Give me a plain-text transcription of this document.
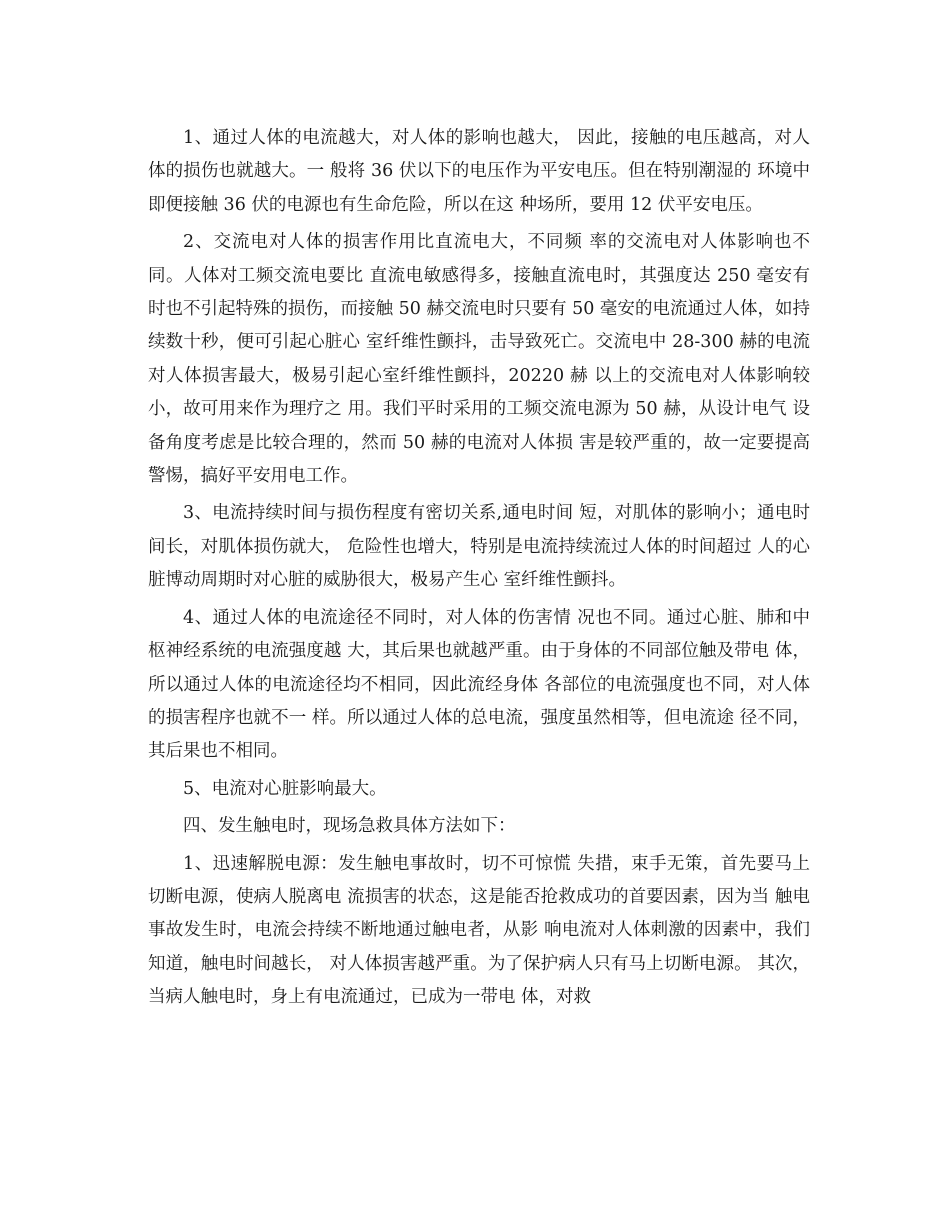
1、通过人体的电流越大，对人体的影响也越大， 因此，接触的电压越高，对人体的损伤也就越大。一 般将 36 伏以下的电压作为平安电压。但在特别潮湿的 环境中即便接触 36 伏的电源也有生命危险，所以在这 种场所，要用 12 伏平安电压。

2、交流电对人体的损害作用比直流电大，不同频 率的交流电对人体影响也不同。人体对工频交流电要比 直流电敏感得多，接触直流电时，其强度达 250 毫安有 时也不引起特殊的损伤，而接触 50 赫交流电时只要有 50 毫安的电流通过人体，如持续数十秒，便可引起心脏心 室纤维性颤抖，击导致死亡。交流电中 28-300 赫的电流 对人体损害最大，极易引起心室纤维性颤抖，20220 赫 以上的交流电对人体影响较小，故可用来作为理疗之 用。我们平时采用的工频交流电源为 50 赫，从设计电气 设备角度考虑是比较合理的，然而 50 赫的电流对人体损 害是较严重的，故一定要提高警惕，搞好平安用电工作。

3、电流持续时间与损伤程度有密切关系,通电时间 短，对肌体的影响小；通电时间长，对肌体损伤就大， 危险性也增大，特别是电流持续流过人体的时间超过 人的心脏博动周期时对心脏的威胁很大，极易产生心 室纤维性颤抖。

4、通过人体的电流途径不同时，对人体的伤害情 况也不同。通过心脏、肺和中枢神经系统的电流强度越 大，其后果也就越严重。由于身体的不同部位触及带电 体，所以通过人体的电流途径均不相同，因此流经身体 各部位的电流强度也不同，对人体的损害程序也就不一 样。所以通过人体的总电流，强度虽然相等，但电流途 径不同，其后果也不相同。

5、电流对心脏影响最大。

四、发生触电时，现场急救具体方法如下：

1、迅速解脱电源：发生触电事故时，切不可惊慌 失措，束手无策，首先要马上切断电源，使病人脱离电 流损害的状态，这是能否抢救成功的首要因素，因为当 触电事故发生时，电流会持续不断地通过触电者，从影 响电流对人体刺激的因素中，我们知道，触电时间越长， 对人体损害越严重。为了保护病人只有马上切断电源。 其次，当病人触电时，身上有电流通过，已成为一带电 体，对救
